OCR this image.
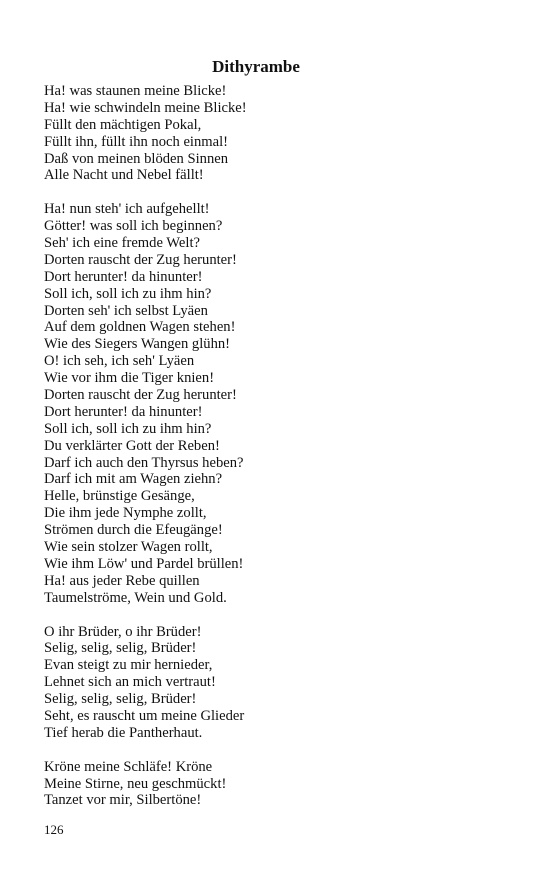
Dithyrambe
Ha! was staunen meine Blicke!
Ha! wie schwindeln meine Blicke!
Füllt den mächtigen Pokal,
Füllt ihn, füllt ihn noch einmal!
Daß von meinen blöden Sinnen
Alle Nacht und Nebel fällt!
Ha! nun steh' ich aufgehellt!
Götter! was soll ich beginnen?
Seh' ich eine fremde Welt?
Dorten rauscht der Zug herunter!
Dort herunter! da hinunter!
Soll ich, soll ich zu ihm hin?
Dorten seh' ich selbst Lyäen
Auf dem goldnen Wagen stehen!
Wie des Siegers Wangen glühn!
O! ich seh, ich seh' Lyäen
Wie vor ihm die Tiger knien!
Dorten rauscht der Zug herunter!
Dort herunter! da hinunter!
Soll ich, soll ich zu ihm hin?
Du verklärter Gott der Reben!
Darf ich auch den Thyrsus heben?
Darf ich mit am Wagen ziehn?
Helle, brünstige Gesänge,
Die ihm jede Nymphe zollt,
Strömen durch die Efeugänge!
Wie sein stolzer Wagen rollt,
Wie ihm Löw' und Pardel brüllen!
Ha! aus jeder Rebe quillen
Taumelströme, Wein und Gold.
O ihr Brüder, o ihr Brüder!
Selig, selig, selig, Brüder!
Evan steigt zu mir hernieder,
Lehnet sich an mich vertraut!
Selig, selig, selig, Brüder!
Seht, es rauscht um meine Glieder
Tief herab die Pantherhaut.
Kröne meine Schläfe! Kröne
Meine Stirne, neu geschmückt!
Tanzet vor mir, Silbertöne!
126
